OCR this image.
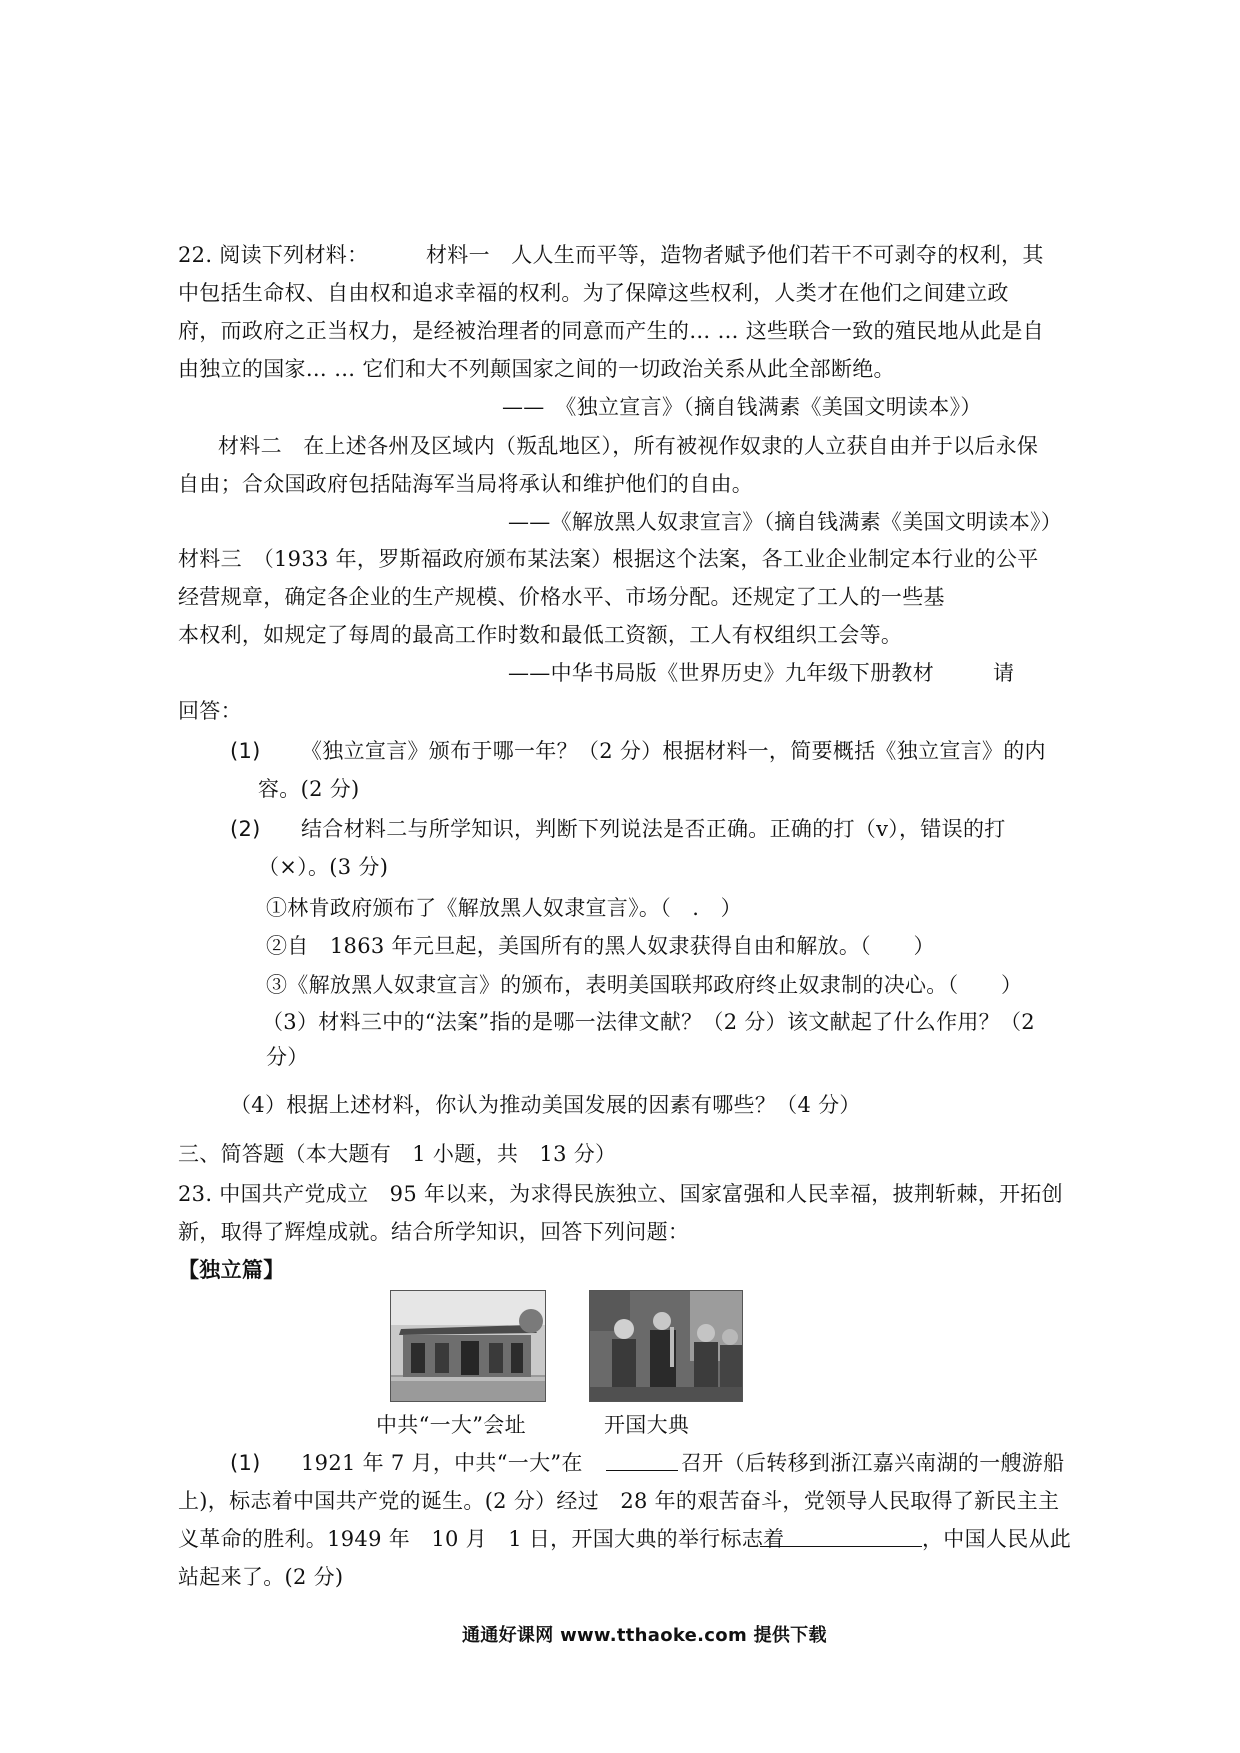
22. 阅读下列材料：	材料一　人人生而平等，造物者赋予他们若干不可剥夺的权利，其
中包括生命权、自由权和追求幸福的权利。为了保障这些权利，人类才在他们之间建立政
府，而政府之正当权力，是经被治理者的同意而产生的… … 这些联合一致的殖民地从此是自
由独立的国家… … 它们和大不列颠国家之间的一切政治关系从此全部断绝。
——　《独立宣言》（摘自钱满素《美国文明读本》）
材料二　在上述各州及区域内（叛乱地区），所有被视作奴隶的人立获自由并于以后永保
自由；合众国政府包括陆海军当局将承认和维护他们的自由。
——《解放黑人奴隶宣言》（摘自钱满素《美国文明读本》）
材料三　（1933 年，罗斯福政府颁布某法案）根据这个法案，各工业企业制定本行业的公平
经营规章，确定各企业的生产规模、价格水平、市场分配。还规定了工人的一些基
本权利，如规定了每周的最高工作时数和最低工资额，工人有权组织工会等。
——中华书局版《世界历史》九年级下册教材	请
回答：
(1) 《独立宣言》颁布于哪一年？（2 分）根据材料一，简要概括《独立宣言》的内
容。(2 分)
(2) 结合材料二与所学知识，判断下列说法是否正确。正确的打（v），错误的打
（×）。(3 分)
①林肯政府颁布了《解放黑人奴隶宣言》。（　.　）
②自　1863 年元旦起，美国所有的黑人奴隶获得自由和解放。（　　）
③《解放黑人奴隶宣言》的颁布，表明美国联邦政府终止奴隶制的决心。（　　）
（3）材料三中的“法案”指的是哪一法律文献？（2 分）该文献起了什么作用？（2
分）
（4）根据上述材料，你认为推动美国发展的因素有哪些？（4 分）
三、简答题（本大题有　1 小题，共　13 分）
23. 中国共产党成立　95 年以来，为求得民族独立、国家富强和人民幸福，披荆斩棘，开拓创
新，取得了辉煌成就。结合所学知识，回答下列问题：
【独立篇】
中共“一大”会址	开国大典
(1) 1921 年 7 月，中共“一大”在	召开（后转移到浙江嘉兴南湖的一艘游船
上)，标志着中国共产党的诞生。(2 分）经过　28 年的艰苦奋斗，党领导人民取得了新民主主
义革命的胜利。1949 年　10 月　1 日，开国大典的举行标志着	，中国人民从此
站起来了。(2 分)
通通好课网 www.tthaoke.com 提供下载
